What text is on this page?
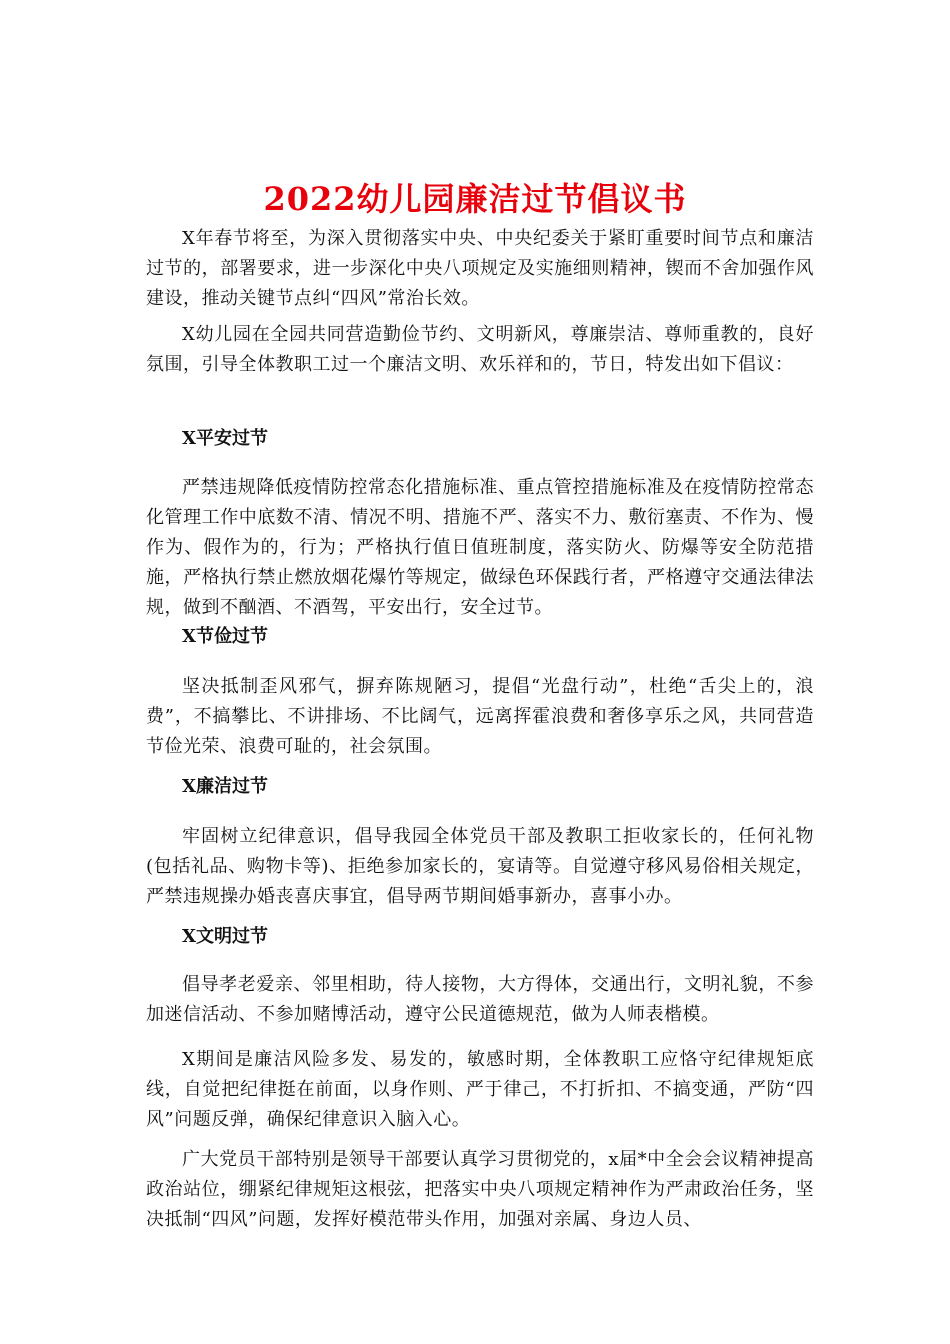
2022幼儿园廉洁过节倡议书

X年春节将至，为深入贯彻落实中央、中央纪委关于紧盯重要时间节点和廉洁过节的，部署要求，进一步深化中央八项规定及实施细则精神，锲而不舍加强作风建设，推动关键节点纠“四风”常治长效。

X幼儿园在全园共同营造勤俭节约、文明新风，尊廉崇洁、尊师重教的，良好氛围，引导全体教职工过一个廉洁文明、欢乐祥和的，节日，特发出如下倡议：

X平安过节

严禁违规降低疫情防控常态化措施标准、重点管控措施标准及在疫情防控常态化管理工作中底数不清、情况不明、措施不严、落实不力、敷衍塞责、不作为、慢作为、假作为的，行为；严格执行值日值班制度，落实防火、防爆等安全防范措施，严格执行禁止燃放烟花爆竹等规定，做绿色环保践行者，严格遵守交通法律法规，做到不酗酒、不酒驾，平安出行，安全过节。

X节俭过节

坚决抵制歪风邪气，摒弃陈规陋习，提倡“光盘行动”，杜绝“舌尖上的，浪费”，不搞攀比、不讲排场、不比阔气，远离挥霍浪费和奢侈享乐之风，共同营造节俭光荣、浪费可耻的，社会氛围。

X廉洁过节

牢固树立纪律意识，倡导我园全体党员干部及教职工拒收家长的，任何礼物(包括礼品、购物卡等)、拒绝参加家长的，宴请等。自觉遵守移风易俗相关规定，严禁违规操办婚丧喜庆事宜，倡导两节期间婚事新办，喜事小办。

X文明过节

倡导孝老爱亲、邻里相助，待人接物，大方得体，交通出行，文明礼貌，不参加迷信活动、不参加赌博活动，遵守公民道德规范，做为人师表楷模。

X期间是廉洁风险多发、易发的，敏感时期，全体教职工应恪守纪律规矩底线，自觉把纪律挺在前面，以身作则、严于律己，不打折扣、不搞变通，严防“四风”问题反弹，确保纪律意识入脑入心。

广大党员干部特别是领导干部要认真学习贯彻党的，x届*中全会会议精神提高政治站位，绷紧纪律规矩这根弦，把落实中央八项规定精神作为严肃政治任务，坚决抵制“四风”问题，发挥好模范带头作用，加强对亲属、身边人员、
